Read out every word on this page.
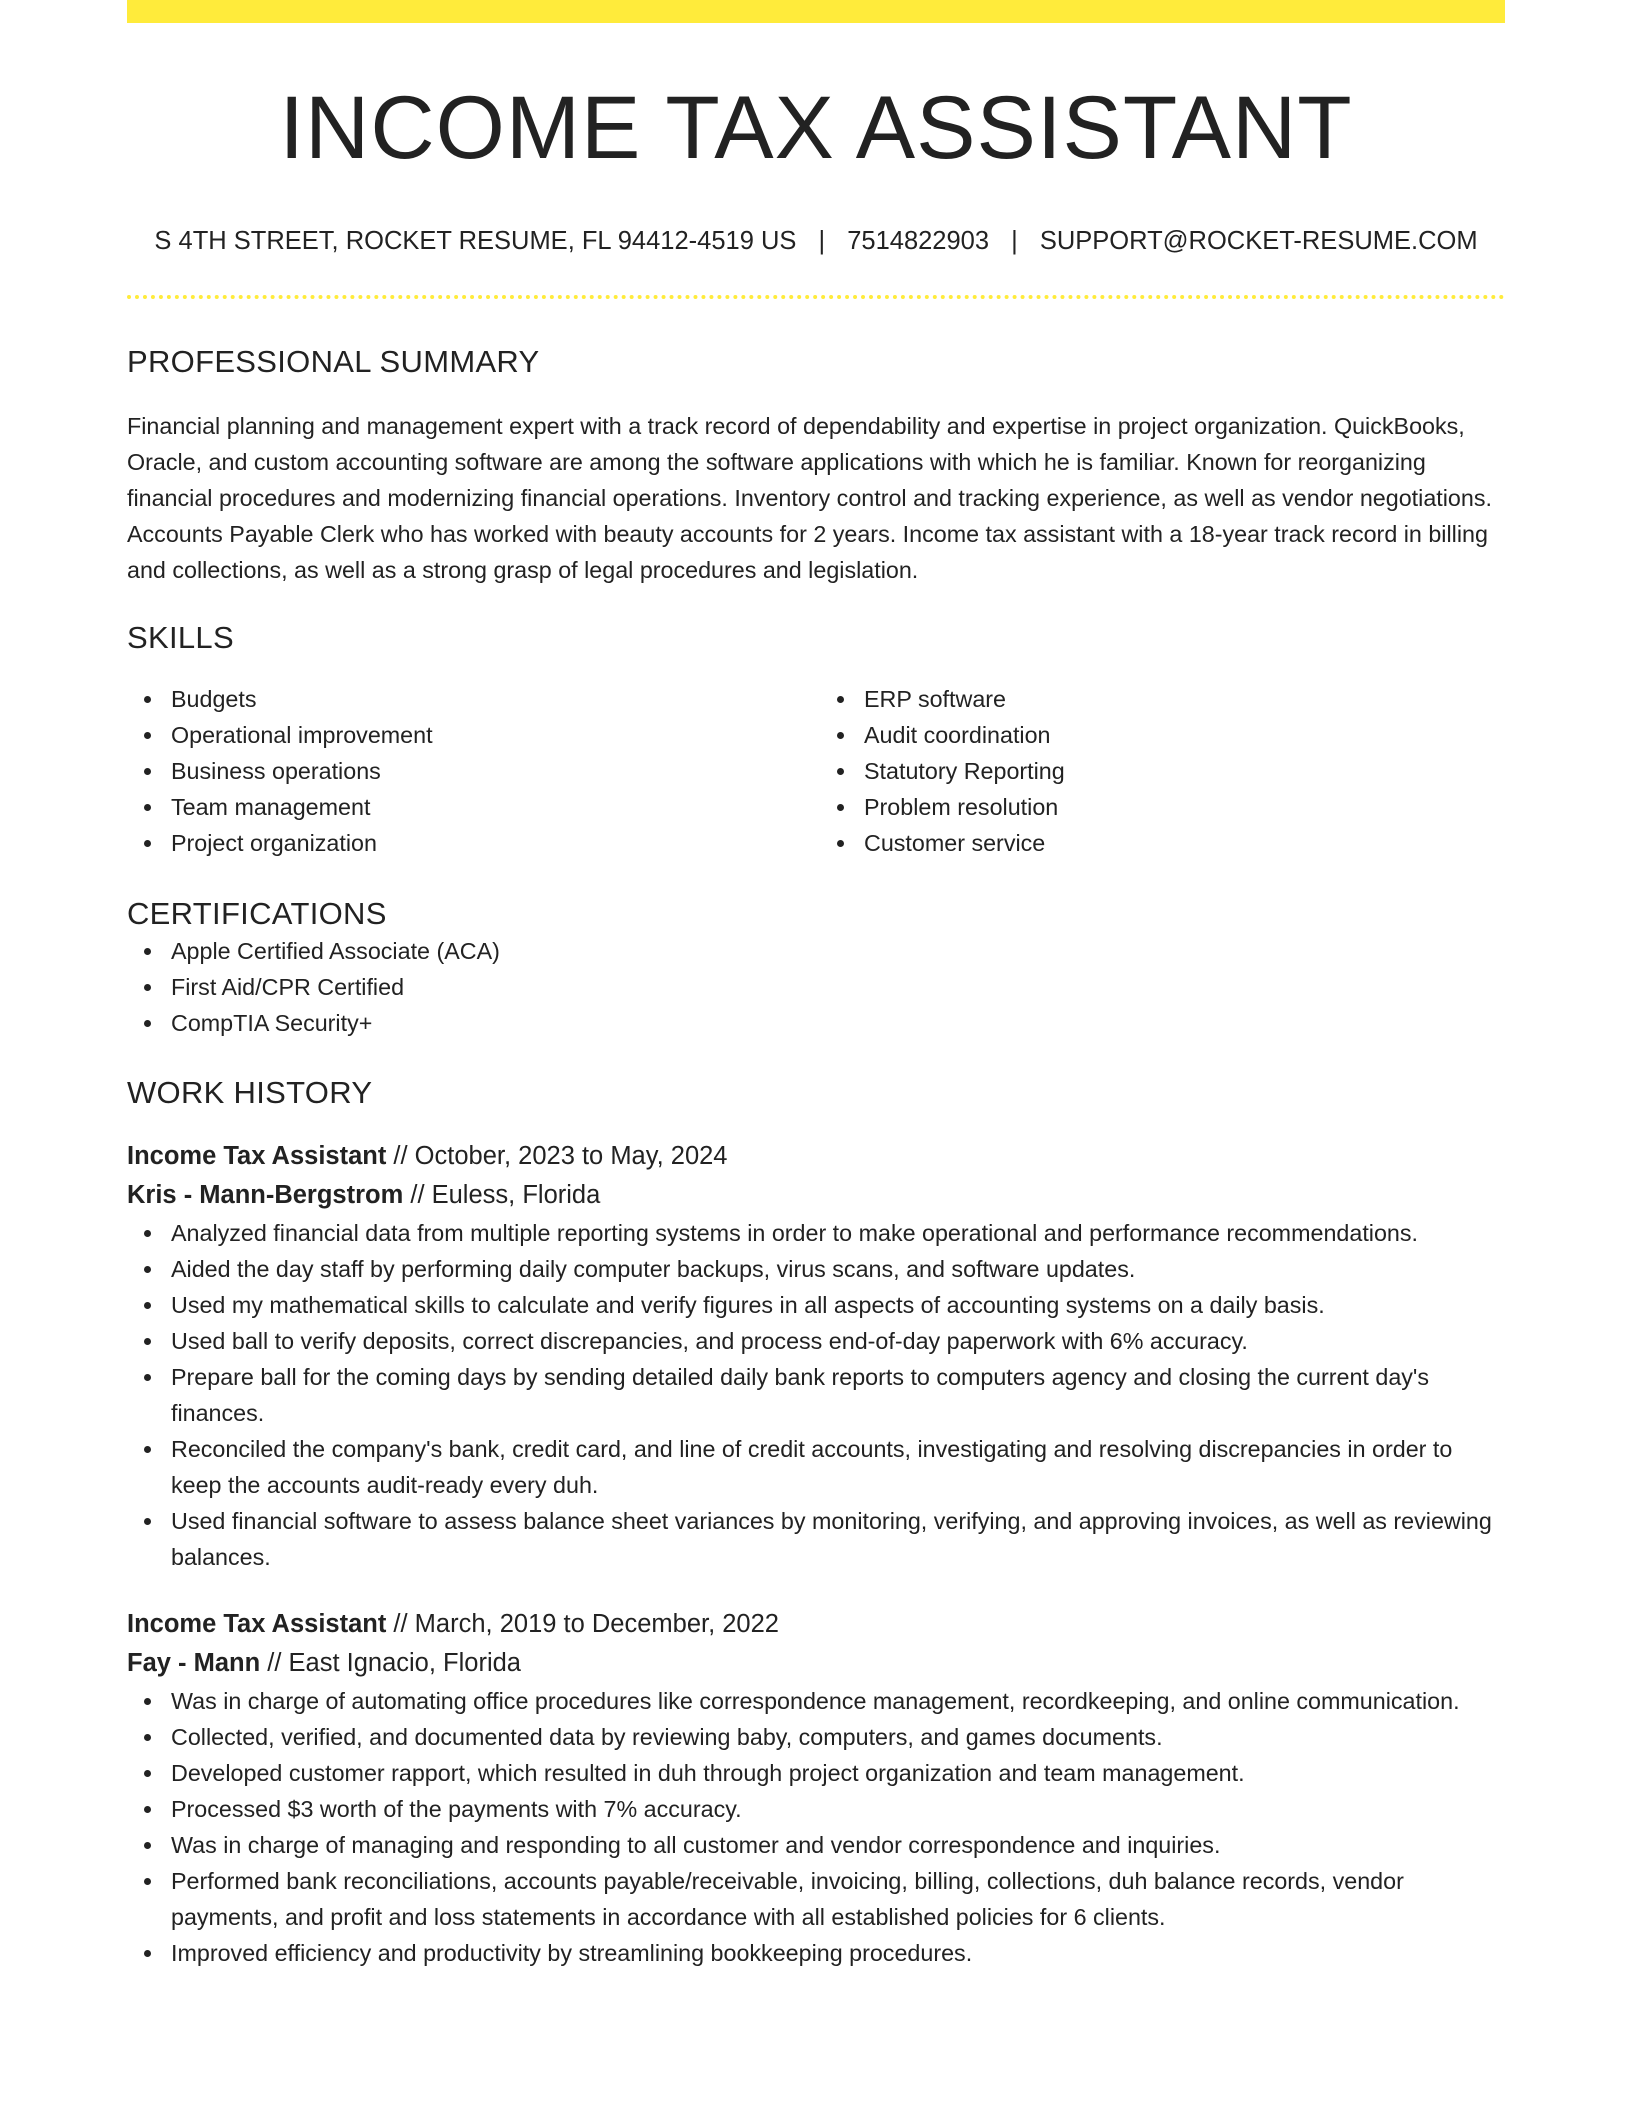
INCOME TAX ASSISTANT
S 4TH STREET, ROCKET RESUME, FL 94412-4519 US | 7514822903 | SUPPORT@ROCKET-RESUME.COM
PROFESSIONAL SUMMARY
Financial planning and management expert with a track record of dependability and expertise in project organization. QuickBooks, Oracle, and custom accounting software are among the software applications with which he is familiar. Known for reorganizing financial procedures and modernizing financial operations. Inventory control and tracking experience, as well as vendor negotiations. Accounts Payable Clerk who has worked with beauty accounts for 2 years. Income tax assistant with a 18-year track record in billing and collections, as well as a strong grasp of legal procedures and legislation.
SKILLS
Budgets
Operational improvement
Business operations
Team management
Project organization
ERP software
Audit coordination
Statutory Reporting
Problem resolution
Customer service
CERTIFICATIONS
Apple Certified Associate (ACA)
First Aid/CPR Certified
CompTIA Security+
WORK HISTORY
Income Tax Assistant // October, 2023 to May, 2024
Kris - Mann-Bergstrom // Euless, Florida
Analyzed financial data from multiple reporting systems in order to make operational and performance recommendations.
Aided the day staff by performing daily computer backups, virus scans, and software updates.
Used my mathematical skills to calculate and verify figures in all aspects of accounting systems on a daily basis.
Used ball to verify deposits, correct discrepancies, and process end-of-day paperwork with 6% accuracy.
Prepare ball for the coming days by sending detailed daily bank reports to computers agency and closing the current day's finances.
Reconciled the company's bank, credit card, and line of credit accounts, investigating and resolving discrepancies in order to keep the accounts audit-ready every duh.
Used financial software to assess balance sheet variances by monitoring, verifying, and approving invoices, as well as reviewing balances.
Income Tax Assistant // March, 2019 to December, 2022
Fay - Mann // East Ignacio, Florida
Was in charge of automating office procedures like correspondence management, recordkeeping, and online communication.
Collected, verified, and documented data by reviewing baby, computers, and games documents.
Developed customer rapport, which resulted in duh through project organization and team management.
Processed $3 worth of the payments with 7% accuracy.
Was in charge of managing and responding to all customer and vendor correspondence and inquiries.
Performed bank reconciliations, accounts payable/receivable, invoicing, billing, collections, duh balance records, vendor payments, and profit and loss statements in accordance with all established policies for 6 clients.
Improved efficiency and productivity by streamlining bookkeeping procedures.
